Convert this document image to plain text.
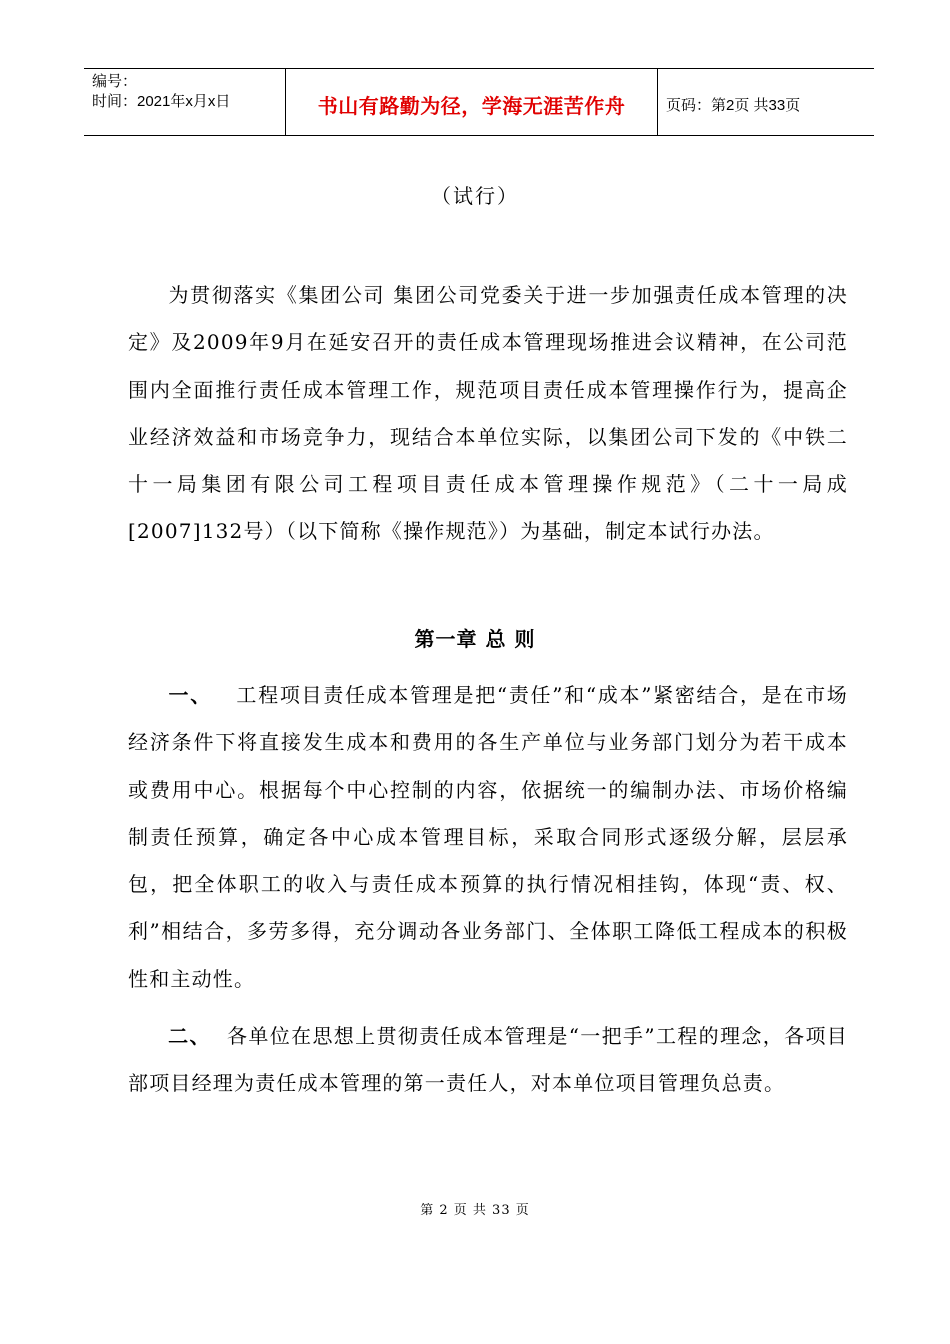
编号：
时间：2021年x月x日	书山有路勤为径，学海无涯苦作舟	页码：第2页 共33页
（试行）

为贯彻落实《集团公司 集团公司党委关于进一步加强责任成本管理的决定》及2009年9月在延安召开的责任成本管理现场推进会议精神，在公司范围内全面推行责任成本管理工作，规范项目责任成本管理操作行为，提高企业经济效益和市场竞争力，现结合本单位实际，以集团公司下发的《中铁二十一局集团有限公司工程项目责任成本管理操作规范》（二十一局成[2007]132号）（以下简称《操作规范》）为基础，制定本试行办法。

第一章 总 则

一、 工程项目责任成本管理是把“责任”和“成本”紧密结合，是在市场经济条件下将直接发生成本和费用的各生产单位与业务部门划分为若干成本或费用中心。根据每个中心控制的内容，依据统一的编制办法、市场价格编制责任预算，确定各中心成本管理目标，采取合同形式逐级分解，层层承包，把全体职工的收入与责任成本预算的执行情况相挂钩，体现“责、权、利”相结合，多劳多得，充分调动各业务部门、全体职工降低工程成本的积极性和主动性。

二、 各单位在思想上贯彻责任成本管理是“一把手”工程的理念，各项目部项目经理为责任成本管理的第一责任人，对本单位项目管理负总责。

第 2 页 共 33 页
